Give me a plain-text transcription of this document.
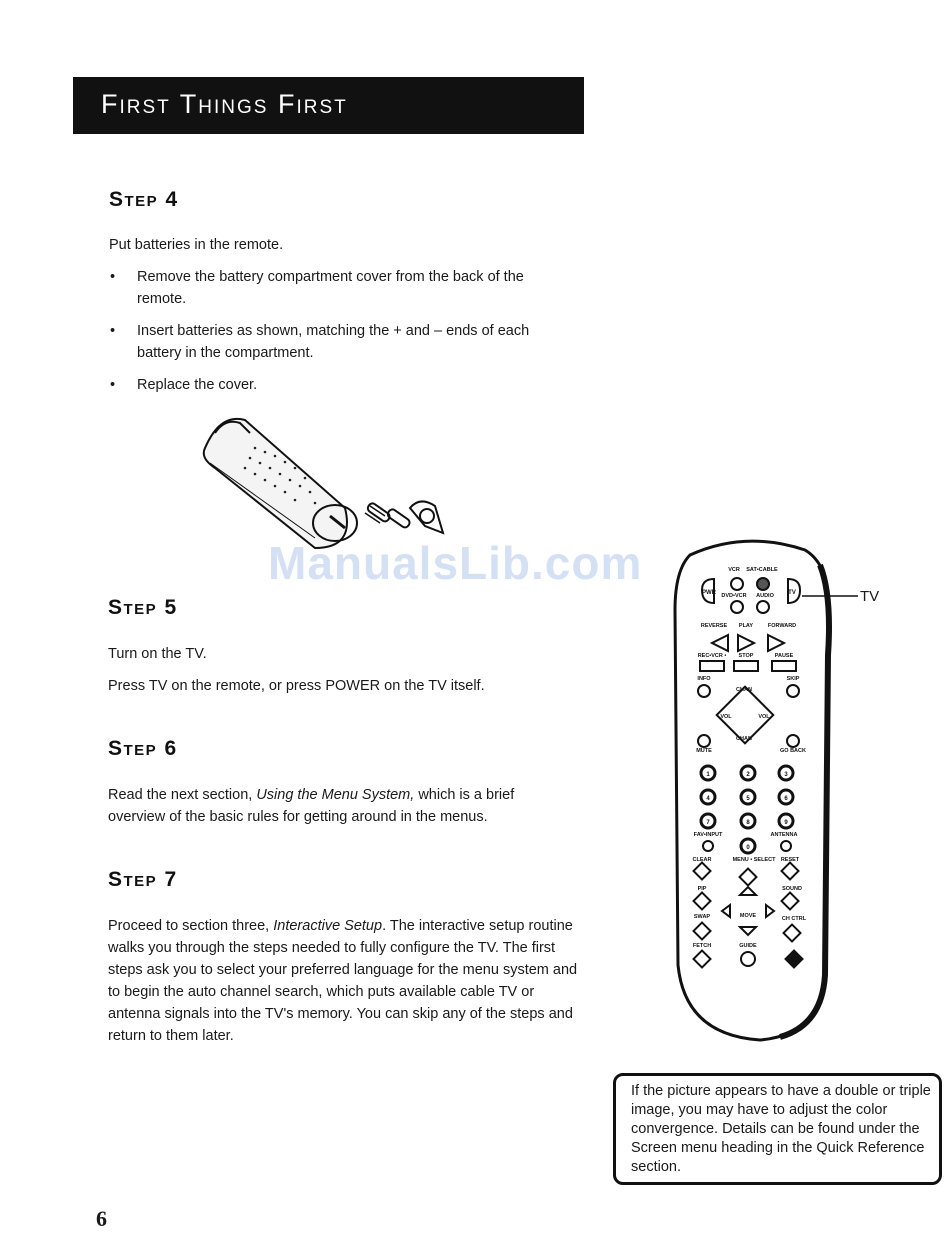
First Things First
Step 4

Put batteries in the remote.

• Remove the battery compartment cover from the back of the remote.
• Insert batteries as shown, matching the + and – ends of each battery in the compartment.
• Replace the cover.
ManualsLib.com
Step 5

Turn on the TV.

Press TV on the remote, or press POWER on the TV itself.

Step 6

Read the next section, Using the Menu System, which is a brief overview of the basic rules for getting around in the menus.

Step 7

Proceed to section three, Interactive Setup. The interactive setup routine walks you through the steps needed to fully configure the TV. The first steps ask you to select your preferred language for the menu system and to begin the auto channel search, which puts available cable TV or antenna signals into the TV's memory. You can skip any of the steps and return to them later.

VCR SAT•CABLE
DVD•VCR AUDIO
REVERSE PLAY	FORWARD
REC•VCR • STOP	PAUSE
INFO	SKIP
CHAN
CHAN
VOL	VOL
MUTE	GO BACK
FAV•INPUT	ANTENNA
CLEAR	MENU • SELECT RESET
PIP	SOUND
MOVE
SWAP	CH CTRL
FETCH	GUIDE
PWR	TV
1	2	3
4	5	6
7	8	9
0
TV
If the picture appears to have a double or triple image, you may have to adjust the color convergence. Details can be found under the Screen menu heading in the Quick Reference section.
6
